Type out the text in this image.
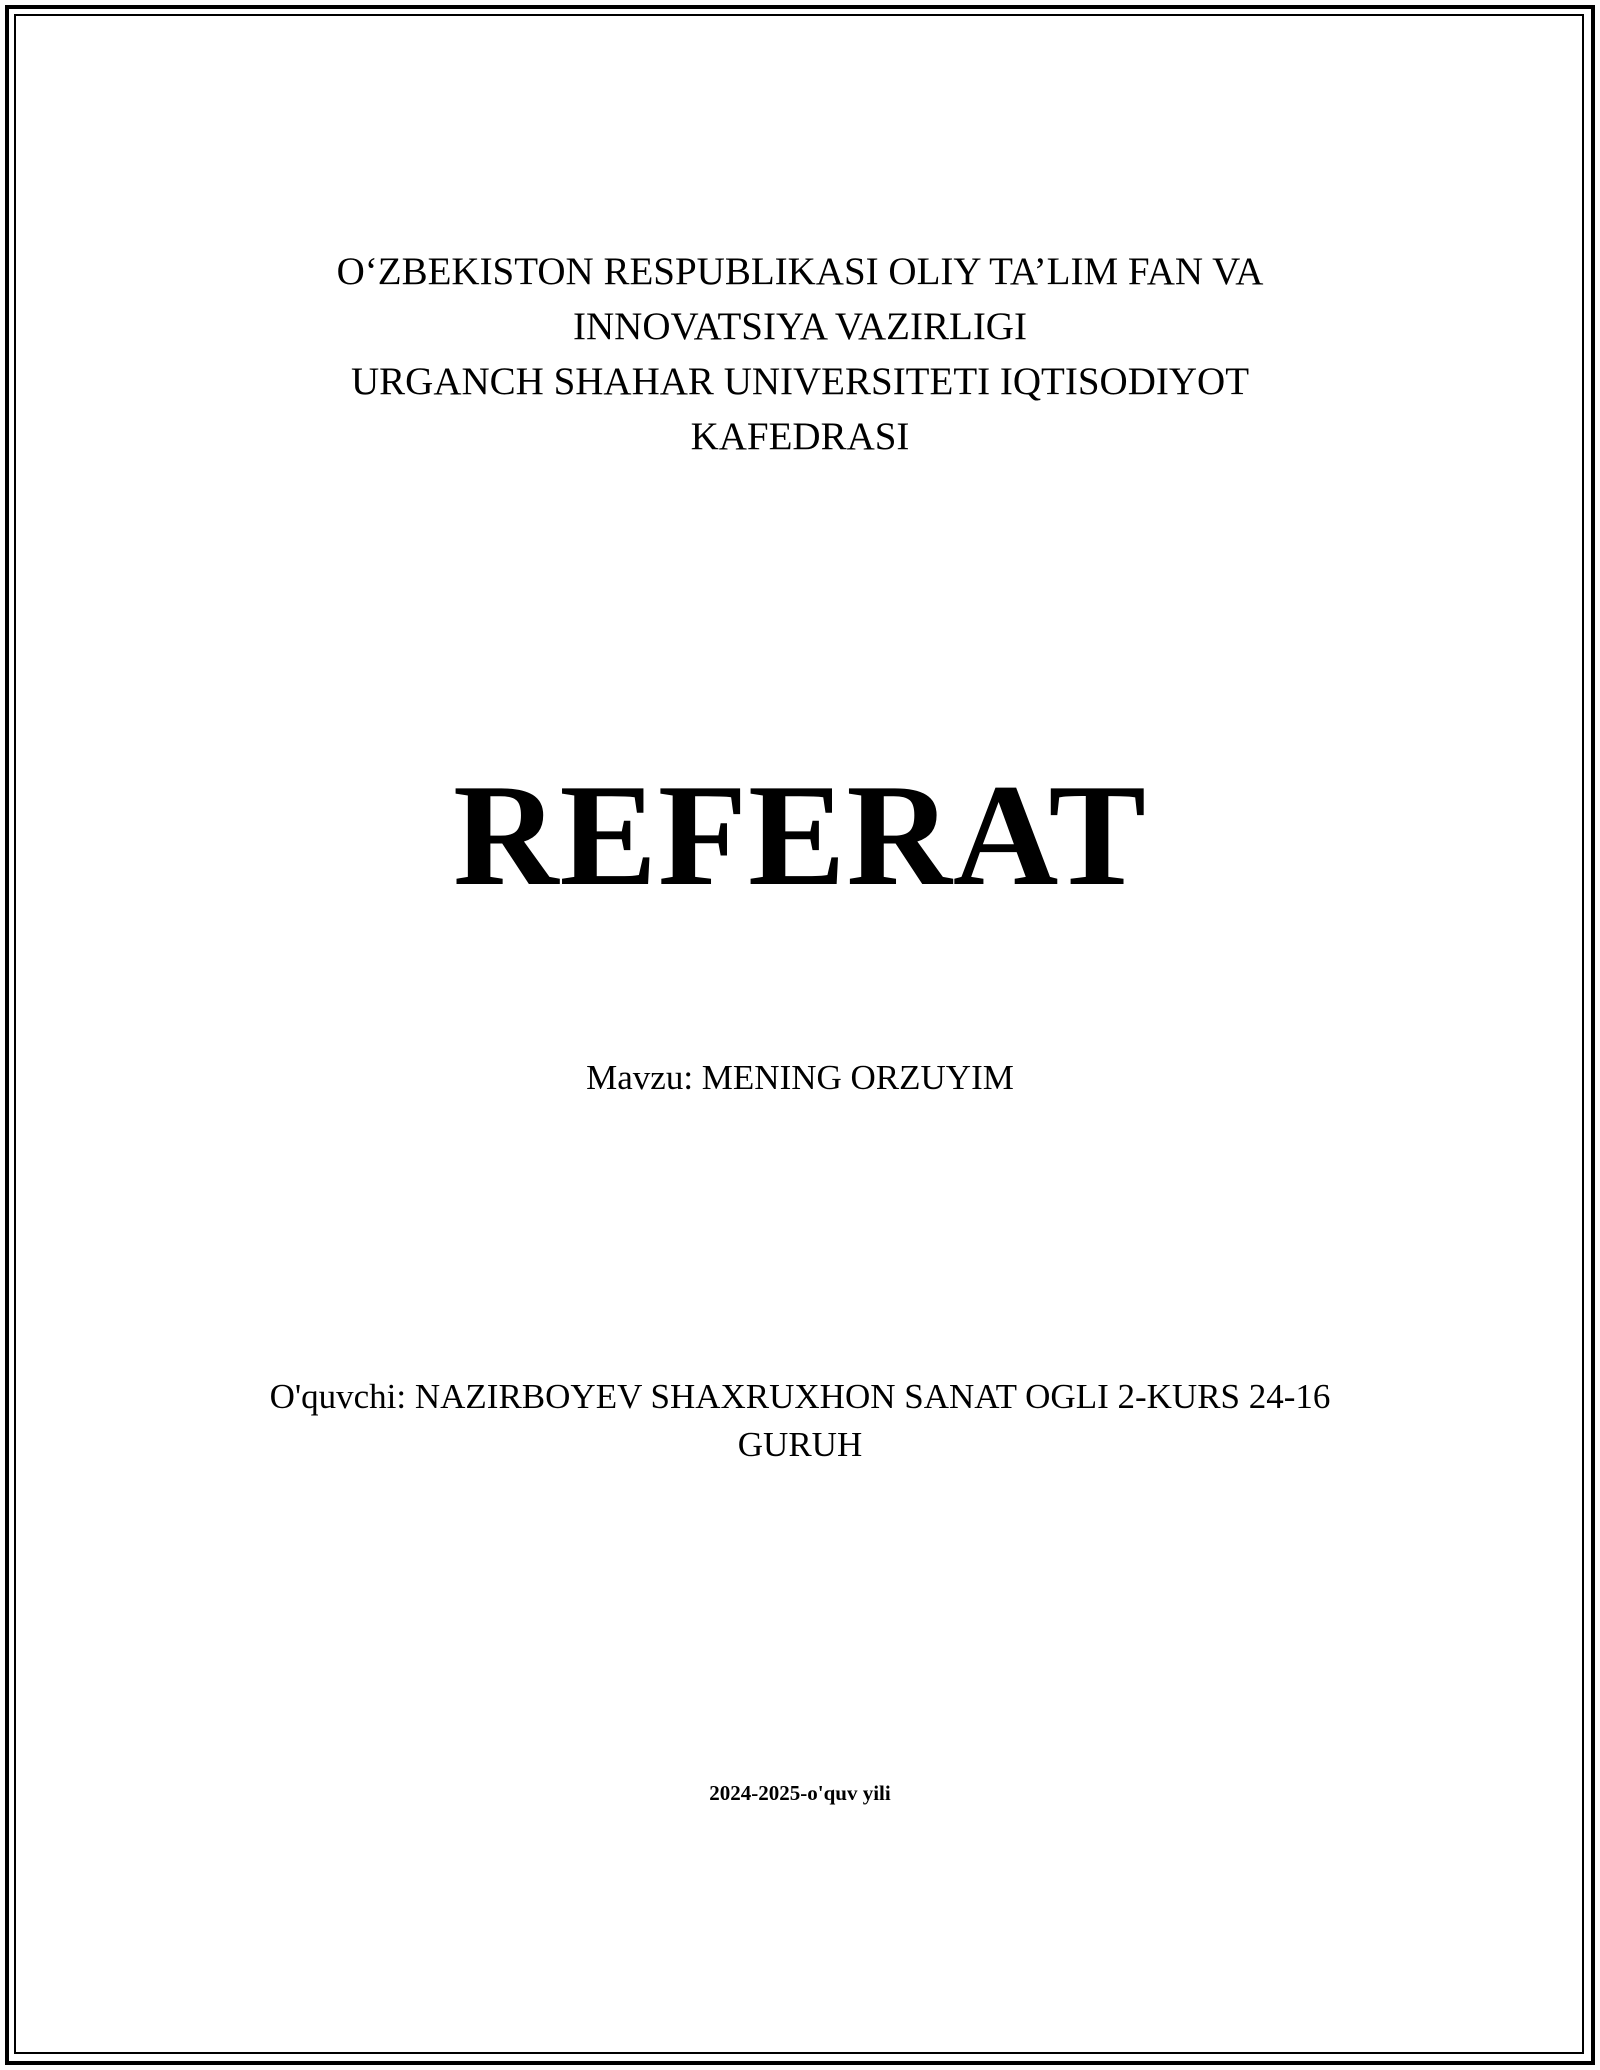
O‘ZBEKISTON RESPUBLIKASI OLIY TA’LIM FAN VA
INNOVATSIYA VAZIRLIGI
URGANCH SHAHAR UNIVERSITETI IQTISODIYOT
KAFEDRASI
REFERAT
Mavzu: MENING ORZUYIM
O'quvchi: NAZIRBOYEV SHAXRUXHON SANAT OGLI 2-KURS 24-16
GURUH
2024-2025-o'quv yili
